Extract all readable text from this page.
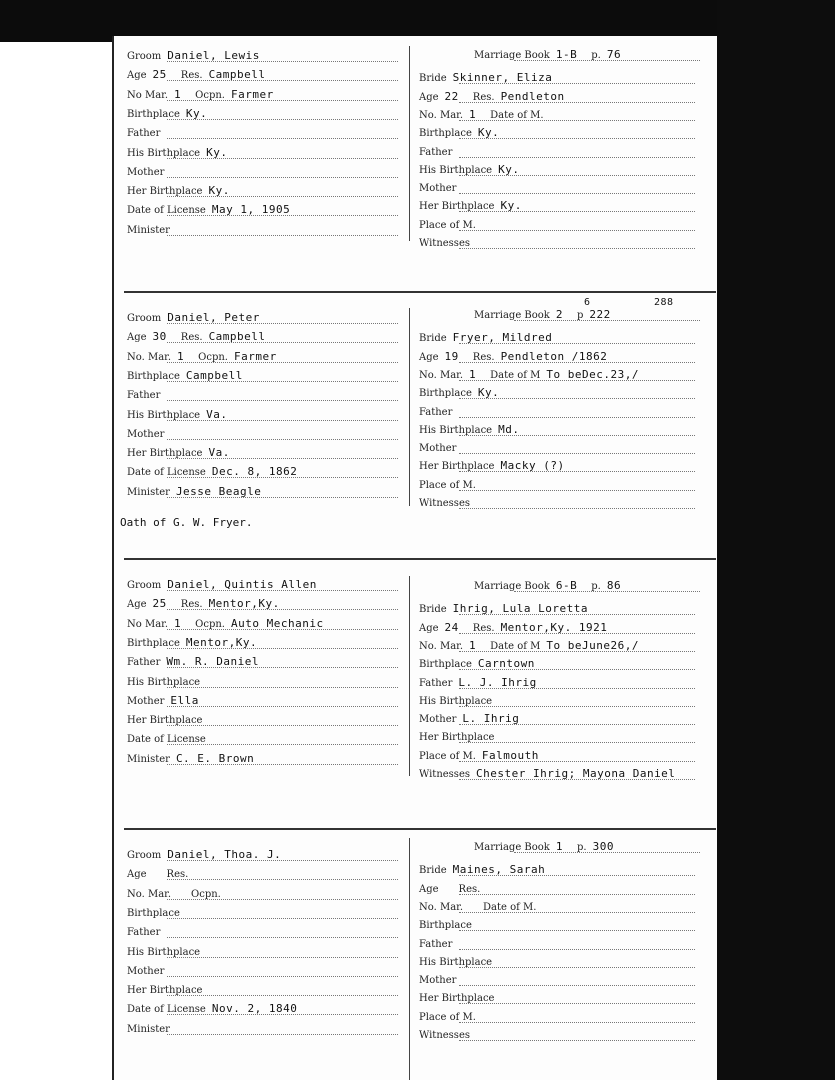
Groom Daniel, Lewis
Age 25 Res. Campbell
No Mar. 1 Ocpn. Farmer
Birthplace Ky.
Father
His Birthplace Ky.
Mother
Her Birthplace Ky.
Date of License May 1, 1905
Minister
Marriage Book 1-B p. 76
Bride Skinner, Eliza
Age 22 Res. Pendleton
No. Mar. 1 Date of M.
Birthplace Ky.
Father
His Birthplace Ky.
Mother
Her Birthplace Ky.
Place of M.
Witnesses
Groom Daniel, Peter
Age 30 Res. Campbell
No. Mar. 1 Ocpn. Farmer
Birthplace Campbell
Father
His Birthplace Va.
Mother
Her Birthplace Va.
Date of License Dec. 8, 1862
Minister Jesse Beagle
Marriage Book 2
6
p 222
288
Bride Fryer, Mildred
Age 19 Res. Pendleton /1862
No. Mar. 1 Date of M To beDec.23,/
Birthplace Ky.
Father
His Birthplace Md.
Mother
Her Birthplace Macky (?)
Place of M.
Witnesses
Oath of G. W. Fryer.
Groom Daniel, Quintis Allen
Age 25 Res. Mentor,Ky.
No Mar. 1 Ocpn. Auto Mechanic
Birthplace Mentor,Ky.
Father Wm. R. Daniel
His Birthplace
Mother Ella
Her Birthplace
Date of License
Minister C. E. Brown
Marriage Book 6-B p. 86
Bride Ihrig, Lula Loretta
Age 24 Res. Mentor,Ky. 1921
No. Mar. 1 Date of M To beJune26,/
Birthplace Carntown
Father L. J. Ihrig
His Birthplace
Mother L. Ihrig
Her Birthplace
Place of M. Falmouth
Witnesses Chester Ihrig; Mayona Daniel
Groom Daniel, Thoa. J.
Age Res.
No. Mar. Ocpn.
Birthplace
Father
His Birthplace
Mother
Her Birthplace
Date of License Nov. 2, 1840
Minister
Marriage Book 1 p. 300
Bride Maines, Sarah
Age Res.
No. Mar. Date of M.
Birthplace
Father
His Birthplace
Mother
Her Birthplace
Place of M.
Witnesses
